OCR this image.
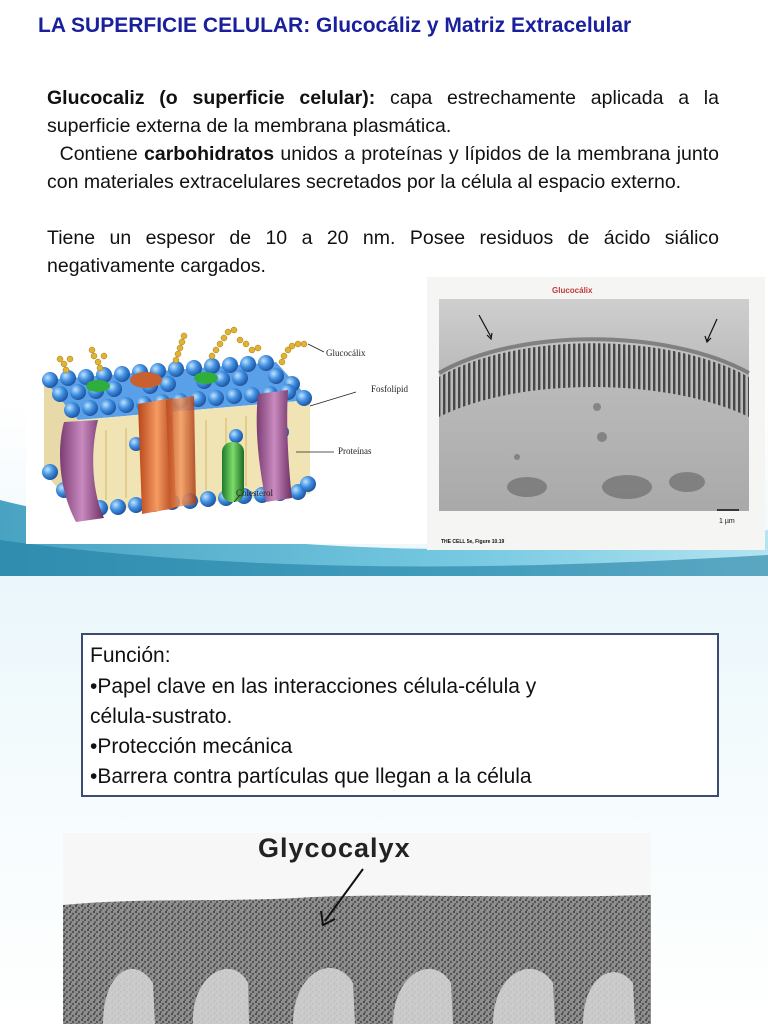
LA SUPERFICIE CELULAR: Glucocáliz y Matriz Extracelular
Glucocaliz (o superficie celular): capa estrechamente aplicada a la superficie externa de la membrana plasmática.
Contiene carbohidratos unidos a proteínas y lípidos de la membrana junto con materiales extracelulares secretados por la célula al espacio externo.
Tiene un espesor de 10 a 20 nm. Posee residuos de ácido siálico negativamente cargados.
Glucocálix
Fosfolípid
Proteínas
Colesterol
Glucocálix
1 µm
THE CELL 5e, Figure 10.19
Función:
•Papel clave en las interacciones célula-célula y
célula-sustrato.
•Protección mecánica
•Barrera contra partículas que llegan a la célula
Glycocalyx
